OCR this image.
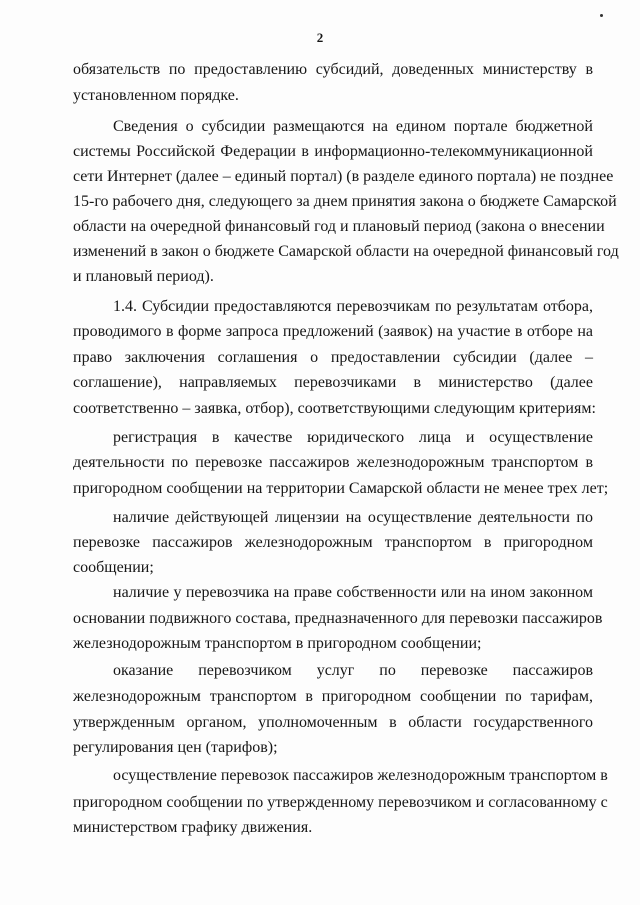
2
обязательств по предоставлению субсидий, доведенных министерству в
установленном порядке.
Сведения о субсидии размещаются на едином портале бюджетной
системы Российской Федерации в информационно-телекоммуникационной
сети Интернет (далее – единый портал) (в разделе единого портала) не позднее
15-го рабочего дня, следующего за днем принятия закона о бюджете Самарской
области на очередной финансовый год и плановый период (закона о внесении
изменений в закон о бюджете Самарской области на очередной финансовый год
и плановый период).
1.4. Субсидии предоставляются перевозчикам по результатам отбора,
проводимого в форме запроса предложений (заявок) на участие в отборе на
право заключения соглашения о предоставлении субсидии (далее –
соглашение), направляемых перевозчиками в министерство (далее
соответственно – заявка, отбор), соответствующими следующим критериям:
регистрация в качестве юридического лица и осуществление
деятельности по перевозке пассажиров железнодорожным транспортом в
пригородном сообщении на территории Самарской области не менее трех лет;
наличие действующей лицензии на осуществление деятельности по
перевозке пассажиров железнодорожным транспортом в пригородном
сообщении;
наличие у перевозчика на праве собственности или на ином законном
основании подвижного состава, предназначенного для перевозки пассажиров
железнодорожным транспортом в пригородном сообщении;
оказание перевозчиком услуг по перевозке пассажиров
железнодорожным транспортом в пригородном сообщении по тарифам,
утвержденным органом, уполномоченным в области государственного
регулирования цен (тарифов);
осуществление перевозок пассажиров железнодорожным транспортом в
пригородном сообщении по утвержденному перевозчиком и согласованному с
министерством графику движения.
